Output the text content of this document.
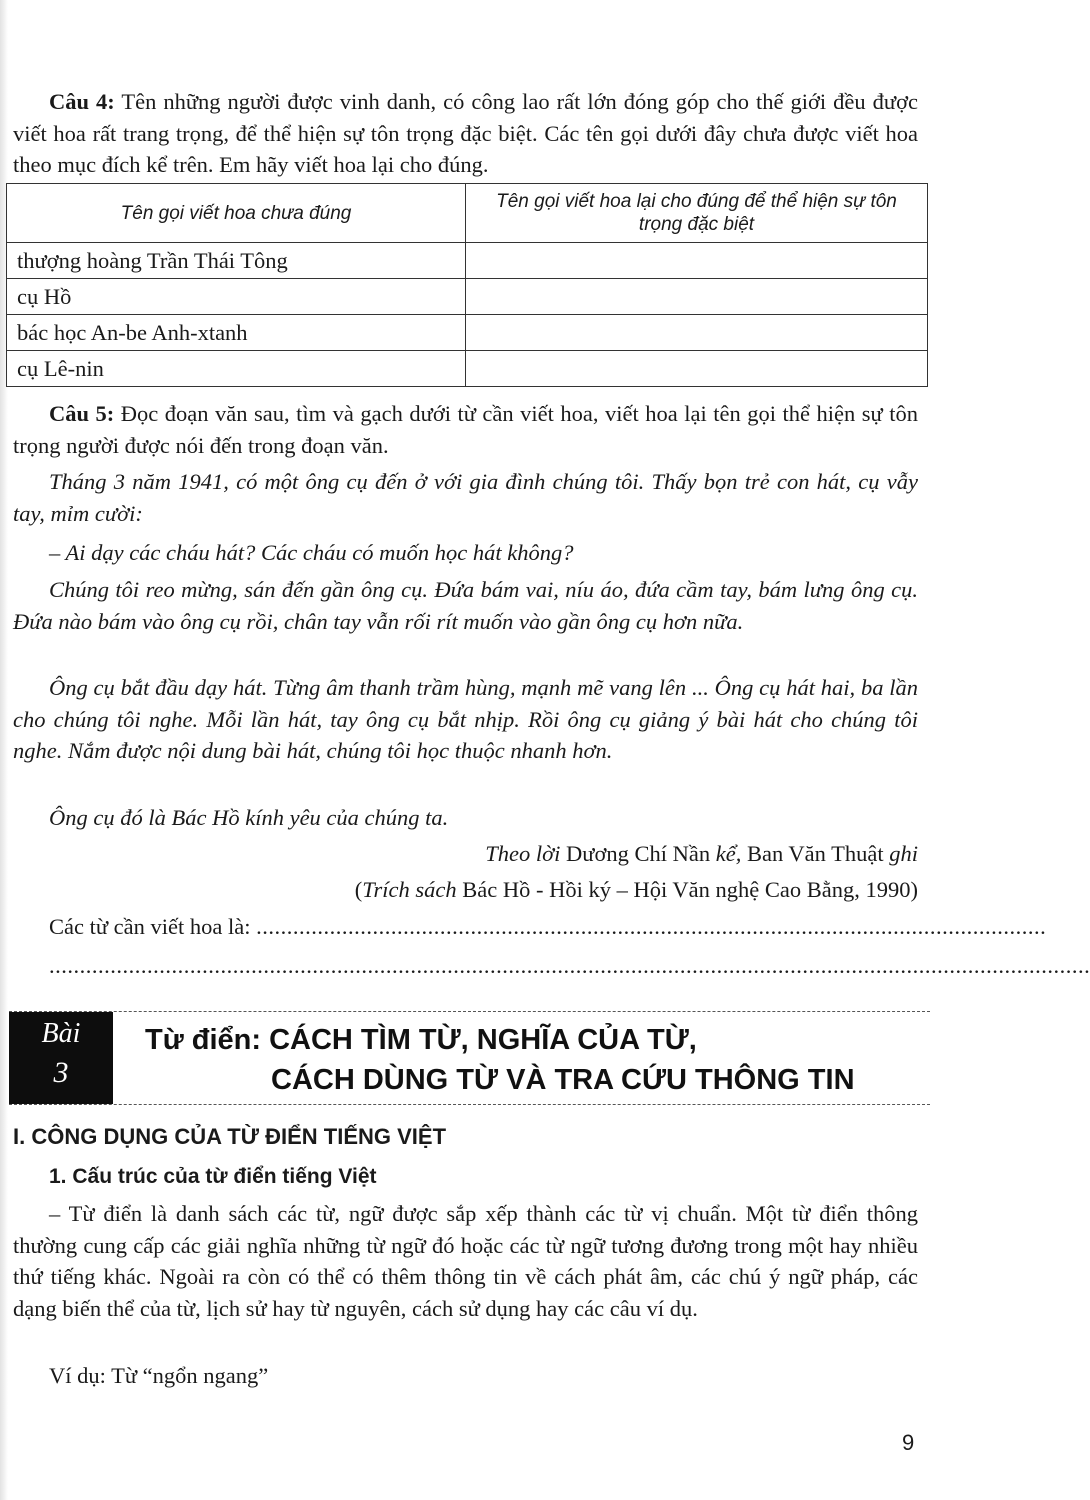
Câu 4: Tên những người được vinh danh, có công lao rất lớn đóng góp cho thế giới đều được viết hoa rất trang trọng, để thể hiện sự tôn trọng đặc biệt. Các tên gọi dưới đây chưa được viết hoa theo mục đích kể trên. Em hãy viết hoa lại cho đúng.

Tên gọi viết hoa chưa đúng	Tên gọi viết hoa lại cho đúng để thể hiện sự tôn trọng đặc biệt
thượng hoàng Trần Thái Tông	
cụ Hồ	
bác học An-be Anh-xtanh	
cụ Lê-nin	

Câu 5: Đọc đoạn văn sau, tìm và gạch dưới từ cần viết hoa, viết hoa lại tên gọi thể hiện sự tôn trọng người được nói đến trong đoạn văn.

Tháng 3 năm 1941, có một ông cụ đến ở với gia đình chúng tôi. Thấy bọn trẻ con hát, cụ vẫy tay, mỉm cười:

– Ai dạy các cháu hát? Các cháu có muốn học hát không?

Chúng tôi reo mừng, sán đến gần ông cụ. Đứa bám vai, níu áo, đứa cầm tay, bám lưng ông cụ. Đứa nào bám vào ông cụ rồi, chân tay vẫn rối rít muốn vào gần ông cụ hơn nữa.

Ông cụ bắt đầu dạy hát. Từng âm thanh trầm hùng, mạnh mẽ vang lên ... Ông cụ hát hai, ba lần cho chúng tôi nghe. Mỗi lần hát, tay ông cụ bắt nhịp. Rồi ông cụ giảng ý bài hát cho chúng tôi nghe. Nắm được nội dung bài hát, chúng tôi học thuộc nhanh hơn.

Ông cụ đó là Bác Hồ kính yêu của chúng ta.

Theo lời Dương Chí Nần kể, Ban Văn Thuật ghi

(Trích sách Bác Hồ - Hồi ký – Hội Văn nghệ Cao Bằng, 1990)

Các từ cần viết hoa là: .................................................................................................................................

..........................................................................................................................................................................

Bài
3
Từ điển: CÁCH TÌM TỪ, NGHĨA CỦA TỪ,
CÁCH DÙNG TỪ VÀ TRA CỨU THÔNG TIN
I. CÔNG DỤNG CỦA TỪ ĐIỂN TIẾNG VIỆT
1. Cấu trúc của từ điển tiếng Việt

– Từ điển là danh sách các từ, ngữ được sắp xếp thành các từ vị chuẩn. Một từ điển thông thường cung cấp các giải nghĩa những từ ngữ đó hoặc các từ ngữ tương đương trong một hay nhiều thứ tiếng khác. Ngoài ra còn có thể có thêm thông tin về cách phát âm, các chú ý ngữ pháp, các dạng biến thể của từ, lịch sử hay từ nguyên, cách sử dụng hay các câu ví dụ.

Ví dụ: Từ “ngổn ngang”

9
